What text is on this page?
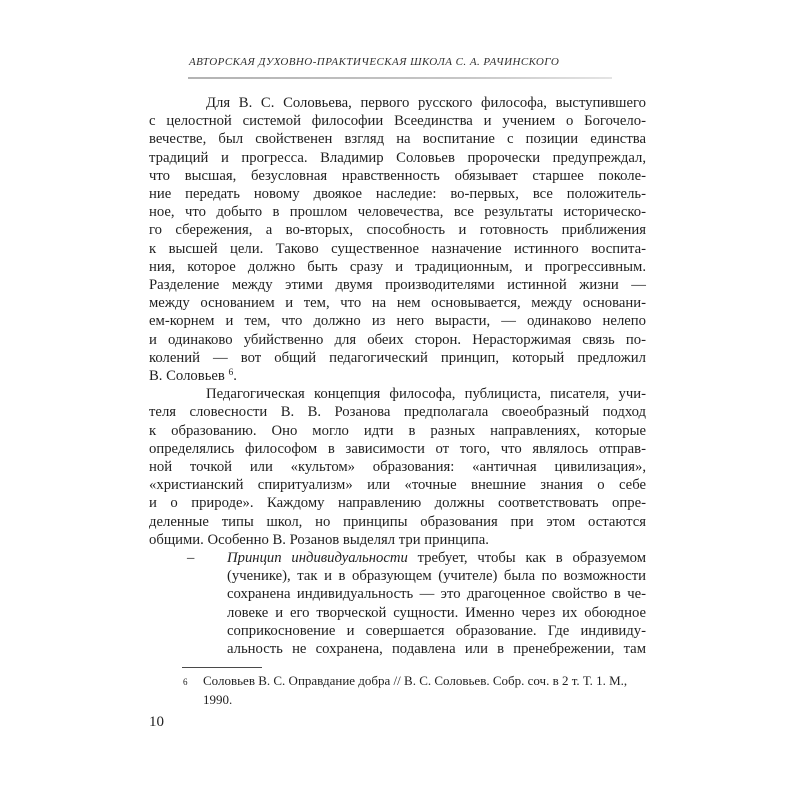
АВТОРСКАЯ ДУХОВНО-ПРАКТИЧЕСКАЯ ШКОЛА С. А. РАЧИНСКОГО
Для В. С. Соловьева, первого русского философа, выступившего
с целостной системой философии Всеединства и учением о Богочело-
вечестве, был свойственен взгляд на воспитание с позиции единства
традиций и прогресса. Владимир Соловьев пророчески предупреждал,
что высшая, безусловная нравственность обязывает старшее поколе-
ние передать новому двоякое наследие: во-первых, все положитель-
ное, что добыто в прошлом человечества, все результаты историческо-
го сбережения, а во-вторых, способность и готовность приближения
к высшей цели. Таково существенное назначение истинного воспита-
ния, которое должно быть сразу и традиционным, и прогрессивным.
Разделение между этими двумя производителями истинной жизни —
между основанием и тем, что на нем основывается, между основани-
ем-корнем и тем, что должно из него вырасти, — одинаково нелепо
и одинаково убийственно для обеих сторон. Нерасторжимая связь по-
колений — вот общий педагогический принцип, который предложил
В. Соловьев $^6$.
Педагогическая концепция философа, публициста, писателя, учи-
теля словесности В. В. Розанова предполагала своеобразный подход
к образованию. Оно могло идти в разных направлениях, которые
определялись философом в зависимости от того, что являлось отправ-
ной точкой или «культом» образования: «античная цивилизация»,
«христианский спиритуализм» или «точные внешние знания о себе
и о природе». Каждому направлению должны соответствовать опре-
деленные типы школ, но принципы образования при этом остаются
общими. Особенно В. Розанов выделял три принципа.
–	Принцип индивидуальности требует, чтобы как в образуемом
(ученике), так и в образующем (учителе) была по возможности
сохранена индивидуальность — это драгоценное свойство в че-
ловеке и его творческой сущности. Именно через их обоюдное
соприкосновение и совершается образование. Где индивиду-
альность не сохранена, подавлена или в пренебрежении, там
6 Соловьев В. С. Оправдание добра // В. С. Соловьев. Собр. соч. в 2 т. Т. 1. М.,
1990.
10
